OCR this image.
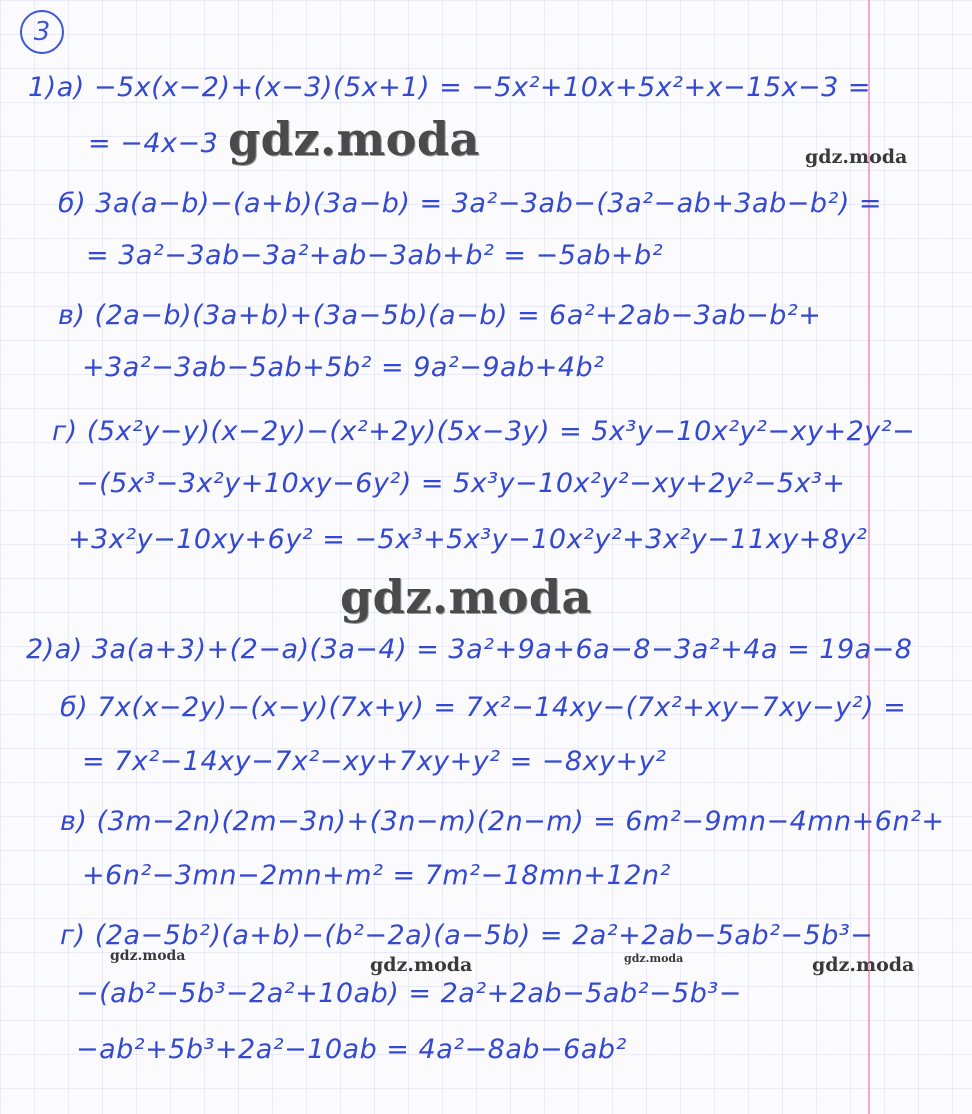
3
1)а) −5x(x−2)+(x−3)(5x+1) = −5x²+10x+5x²+x−15x−3 =
= −4x−3 gdz.moda	gdz.moda
б) 3a(a−b)−(a+b)(3a−b) = 3a²−3ab−(3a²−ab+3ab−b²) =
= 3a²−3ab−3a²+ab−3ab+b² = −5ab+b²
в) (2a−b)(3a+b)+(3a−5b)(a−b) = 6a²+2ab−3ab−b²+
+3a²−3ab−5ab+5b² = 9a²−9ab+4b²
г) (5x²y−y)(x−2y)−(x²+2y)(5x−3y) = 5x³y−10x²y²−xy+2y²−
−(5x³−3x²y+10xy−6y²) = 5x³y−10x²y²−xy+2y²−5x³+
+3x²y−10xy+6y² = −5x³+5x³y−10x²y²+3x²y−11xy+8y²
gdz.moda
2)а) 3a(a+3)+(2−a)(3a−4) = 3a²+9a+6a−8−3a²+4a = 19a−8
б) 7x(x−2y)−(x−y)(7x+y) = 7x²−14xy−(7x²+xy−7xy−y²) =
= 7x²−14xy−7x²−xy+7xy+y² = −8xy+y²
в) (3m−2n)(2m−3n)+(3n−m)(2n−m) = 6m²−9mn−4mn+6n²+
+6n²−3mn−2mn+m² = 7m²−18mn+12n²
г) (2a−5b²)(a+b)−(b²−2a)(a−5b) = 2a²+2ab−5ab²−5b³−
gdz.moda	gdz.moda	gdz.moda	gdz.moda
−(ab²−5b³−2a²+10ab) = 2a²+2ab−5ab²−5b³−
−ab²+5b³+2a²−10ab = 4a²−8ab−6ab²
